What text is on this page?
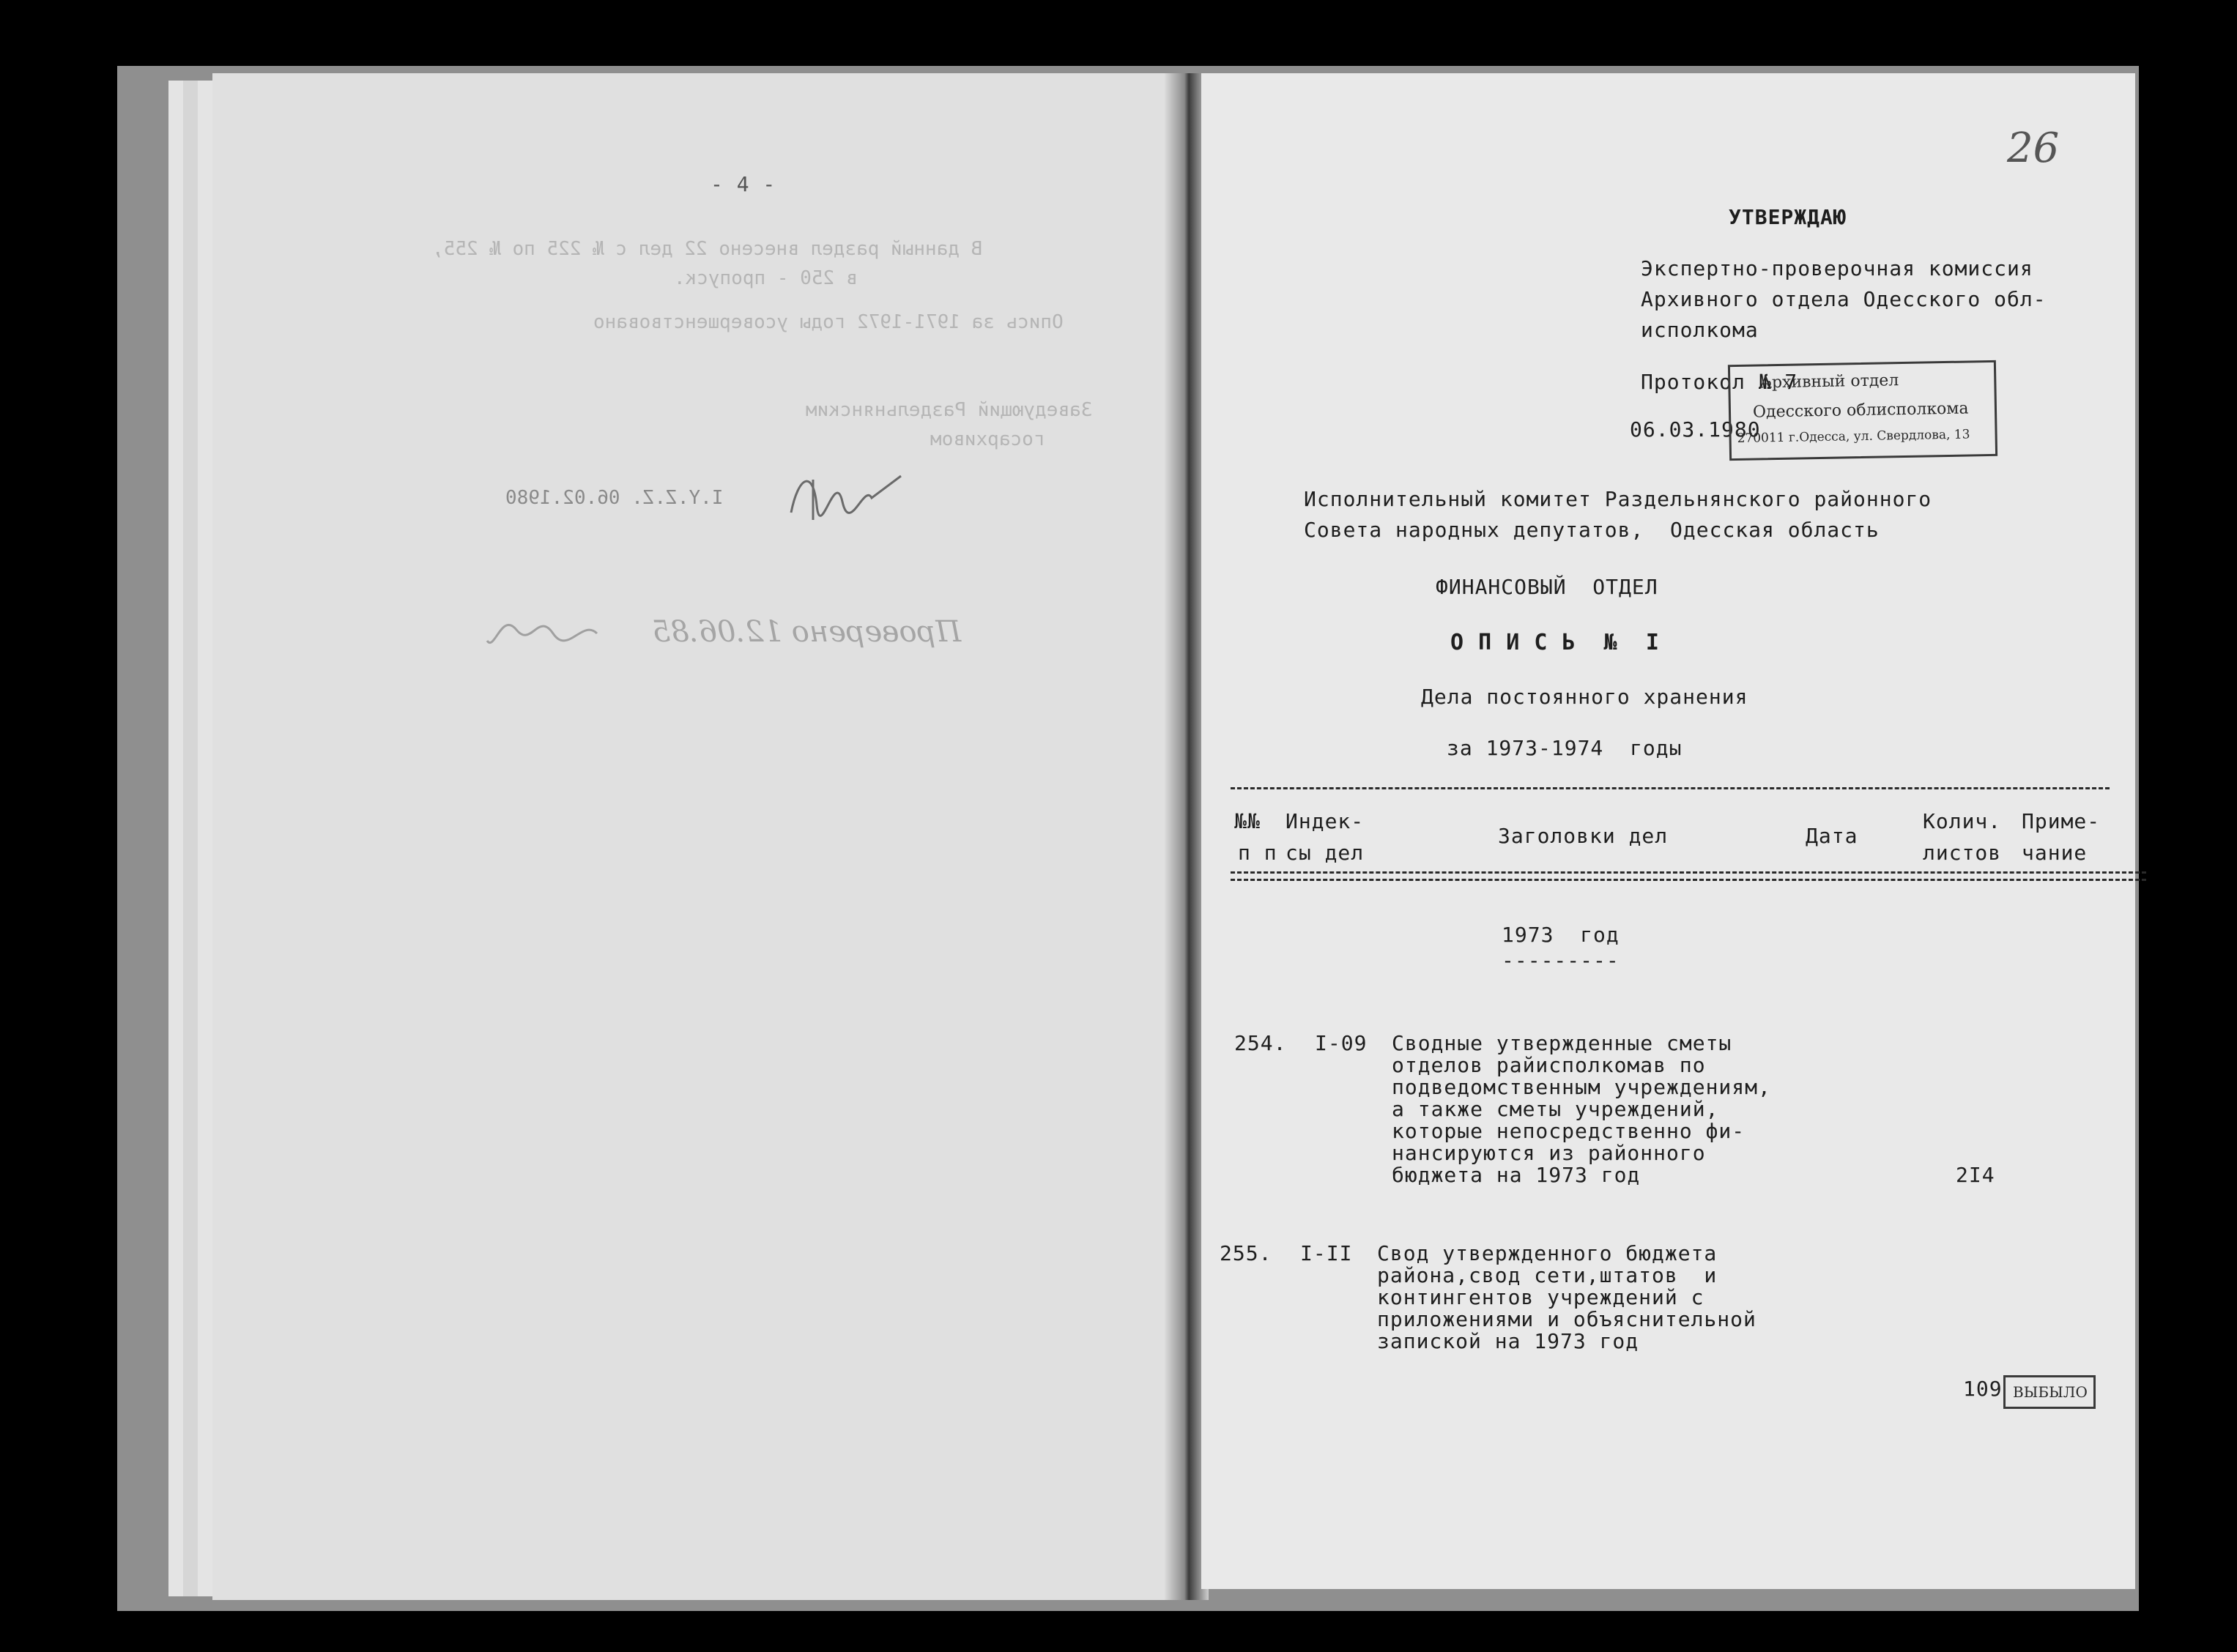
- 4 -
В данный раздел внесено 22 дел с № 225 по № 255,
в 250 - пропуск.
Опись за 1971-1972 годы усовершенствовано
Заведующий Раздельнянским
госархивом
I.Y.Z.Z. 06.02.1980
Проверено 12.06.85
26
УТВЕРЖДАЮ
Экспертно-проверочная комиссия
Архивного отдела Одесского обл-
исполкома
Протокол № 7
06.03.1980
Архивный отдел
Одесского облисполкома
270011 г.Одесса, ул. Свердлова, 13
Исполнительный комитет Раздельнянского районного
Совета народных депутатов,  Одесская область
ФИНАНСОВЫЙ  ОТДЕЛ
О П И С Ь  №  I
Дела постоянного хранения
за 1973-1974  годы
№№
п п
Индек-
сы дел
Заголовки дел	Дата
Колич.
листов
Приме-
чание
1973  год
---------
254. I-09 Сводные утвержденные сметы
отделов райисполкомав по
подведомственным учреждениям,
а также сметы учреждений,
которые непосредственно фи-
нансируются из районного
бюджета на 1973 год	2I4
255. I-II Свод утвержденного бюджета
района,свод сети,штатов  и
контингентов учреждений с
приложениями и объяснительной
запиской на 1973 год
109 ВЫБЫЛО
